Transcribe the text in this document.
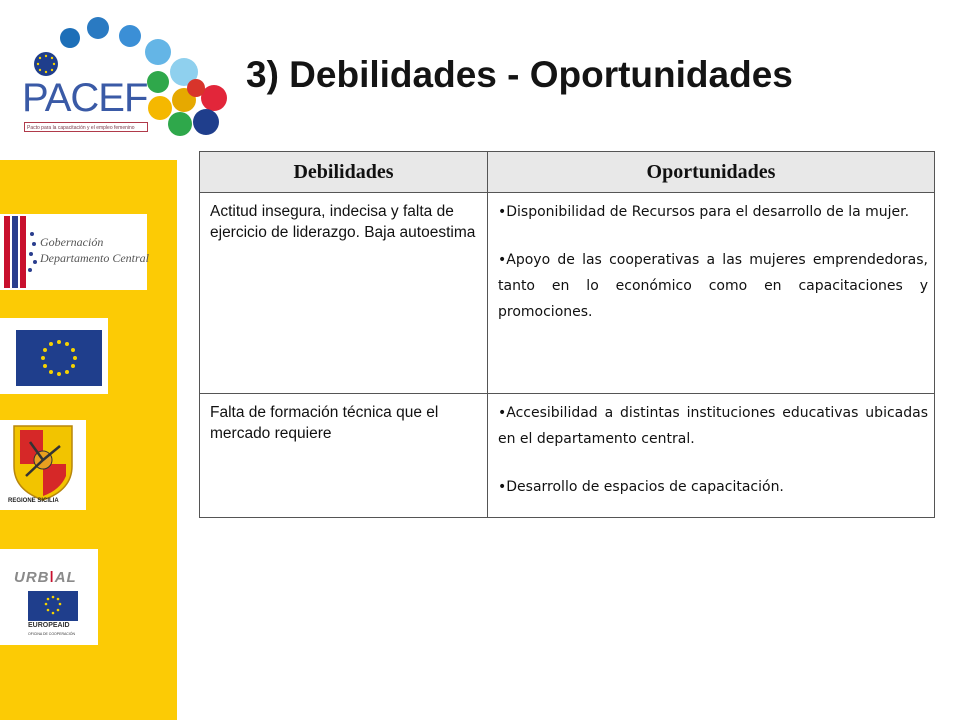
PACEF
Pacto para la capacitación y el empleo femenino
3) Debilidades - Oportunidades
Gobernación
Departamento Central
REGIONE SICILIA
URBǀAL
EUROPEAID
OFICINA DE COOPERACIÓN
Debilidades	Oportunidades
Actitud insegura, indecisa y falta de ejercicio de liderazgo. Baja autoestima	•Disponibilidad de Recursos para el desarrollo de la mujer.

•Apoyo de las cooperativas a las mujeres emprendedoras, tanto en lo económico como en capacitaciones y promociones.

Falta de formación técnica que el mercado requiere	•Accesibilidad a distintas instituciones educativas ubicadas en el departamento central.

•Desarrollo de espacios de capacitación.
